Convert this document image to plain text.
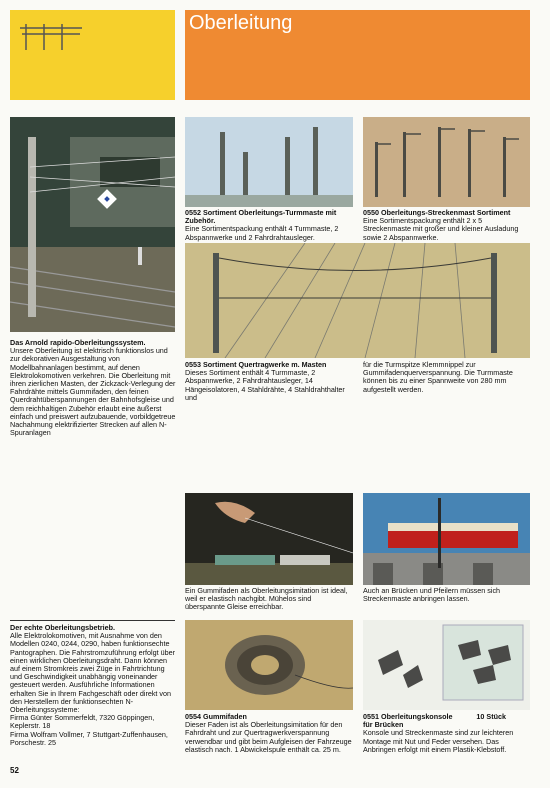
Oberleitung
0552 Sortiment Oberleitungs-Turmmaste mit Zubehör.
Eine Sortimentspackung enthält 4 Turmmaste, 2 Abspannwerke und 2 Fahrdrahtausleger.
0550 Oberleitungs-Streckenmast Sortiment
Eine Sortimentspackung enthält 2 x 5 Streckenmaste mit großer und kleiner Ausladung sowie 2 Abspannwerke.
Das Arnold rapido-Oberleitungssystem.
Unsere Oberleitung ist elektrisch funktionslos und zur dekorativen Ausgestaltung von Modellbahnanlagen bestimmt, auf denen Elektrolokomotiven verkehren. Die Oberleitung mit ihren zierlichen Masten, der Zickzack-Verlegung der Fahrdrähte mittels Gummifaden, den feinen Querdrahtüberspannungen der Bahnhofsgleise und dem reichhaltigen Zubehör erlaubt eine äußerst einfach und preiswert aufzubauende, vorbildgetreue Nachahmung elektrifizierter Strecken auf allen N-Spuranlagen
0553 Sortiment Quertragwerke m. Masten
Dieses Sortiment enthält 4 Turmmaste, 2 Abspannwerke, 2 Fahrdrahtausleger, 14 Hängeisolatoren, 4 Stahldrähte, 4 Stahldrahthalter und
für die Turmspitze Klemmnippel zur Gummifadenquerverspannung. Die Turmmaste können bis zu einer Spannweite von 280 mm aufgestellt werden.
Ein Gummifaden als Oberleitungsimitation ist ideal, weil er elastisch nachgibt. Mühelos sind überspannte Gleise erreichbar.
Auch an Brücken und Pfeilern müssen sich Streckenmaste anbringen lassen.
Der echte Oberleitungsbetrieb.
Alle Elektrolokomotiven, mit Ausnahme von den Modellen 0240, 0244, 0290, haben funktionsechte Pantographen. Die Fahrstromzuführung erfolgt über einen wirklichen Oberleitungsdraht. Dann können auf einem Stromkreis zwei Züge in Fahrtrichtung und Geschwindigkeit unabhängig voneinander gesteuert werden. Ausführliche Informationen erhalten Sie in Ihrem Fachgeschäft oder direkt von den Herstellern der funktionsechten N-Oberleitungssysteme:
Firma Günter Sommerfeldt, 7320 Göppingen, Keplerstr. 18
Firma Wolfram Vollmer, 7 Stuttgart-Zuffenhausen, Porschestr. 25
0554 Gummifaden
Dieser Faden ist als Oberleitungsimitation für den Fahrdraht und zur Quertragwerkverspannung verwendbar und gibt beim Aufgleisen der Fahrzeuge elastisch nach. 1 Abwickelspule enthält ca. 25 m.
0551 Oberleitungskonsole für Brücken
10 Stück
Konsole und Streckenmaste sind zur leichteren Montage mit Nut und Feder versehen. Das Anbringen erfolgt mit einem Plastik-Klebstoff.
52
